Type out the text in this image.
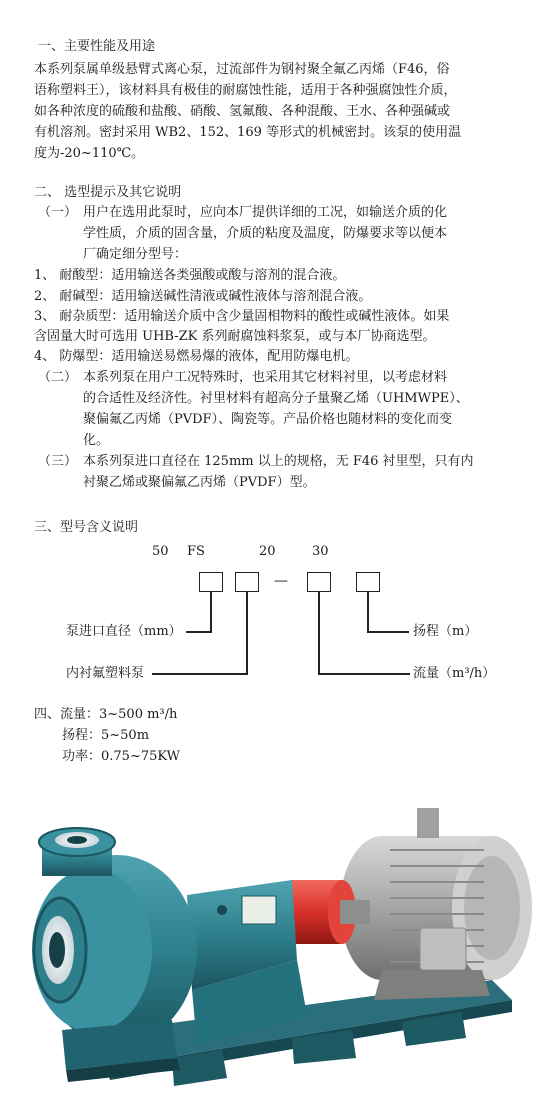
一、主要性能及用途
本系列泵属单级悬臂式离心泵，过流部件为钢衬聚全氟乙丙烯（F46，俗
语称塑料王），该材料具有极佳的耐腐蚀性能，适用于各种强腐蚀性介质，
如各种浓度的硫酸和盐酸、硝酸、氢氟酸、各种混酸、王水、各种强碱或
有机溶剂。密封采用 WB2、152、169 等形式的机械密封。该泵的使用温
度为-20~110℃。
二、 选型提示及其它说明
（一） 用户在选用此泵时，应向本厂提供详细的工况，如输送介质的化
学性质，介质的固含量，介质的粘度及温度，防爆要求等以便本
厂确定细分型号：
1、 耐酸型：适用输送各类强酸或酸与溶剂的混合液。
2、 耐碱型：适用输送碱性清液或碱性液体与溶剂混合液。
3、 耐杂质型：适用输送介质中含少量固相物料的酸性或碱性液体。如果
含固量大时可选用 UHB-ZK 系列耐腐蚀料浆泵，或与本厂协商选型。
4、 防爆型：适用输送易燃易爆的液体，配用防爆电机。
（二） 本系列泵在用户工况特殊时，也采用其它材料衬里，以考虑材料
的合适性及经济性。衬里材料有超高分子量聚乙烯（UHMWPE）、
聚偏氟乙丙烯（PVDF）、陶瓷等。产品价格也随材料的变化而变
化。
（三） 本系列泵进口直径在 125mm 以上的规格，无 F46 衬里型，只有内
衬聚乙烯或聚偏氟乙丙烯（PVDF）型。
三、型号含义说明
50 FS	20	30
—
泵进口直径（mm）
内衬氟塑料泵
扬程（m）
流量（m³/h）
四、流量：3~500 m³/h
扬程：5~50m
功率：0.75~75KW
